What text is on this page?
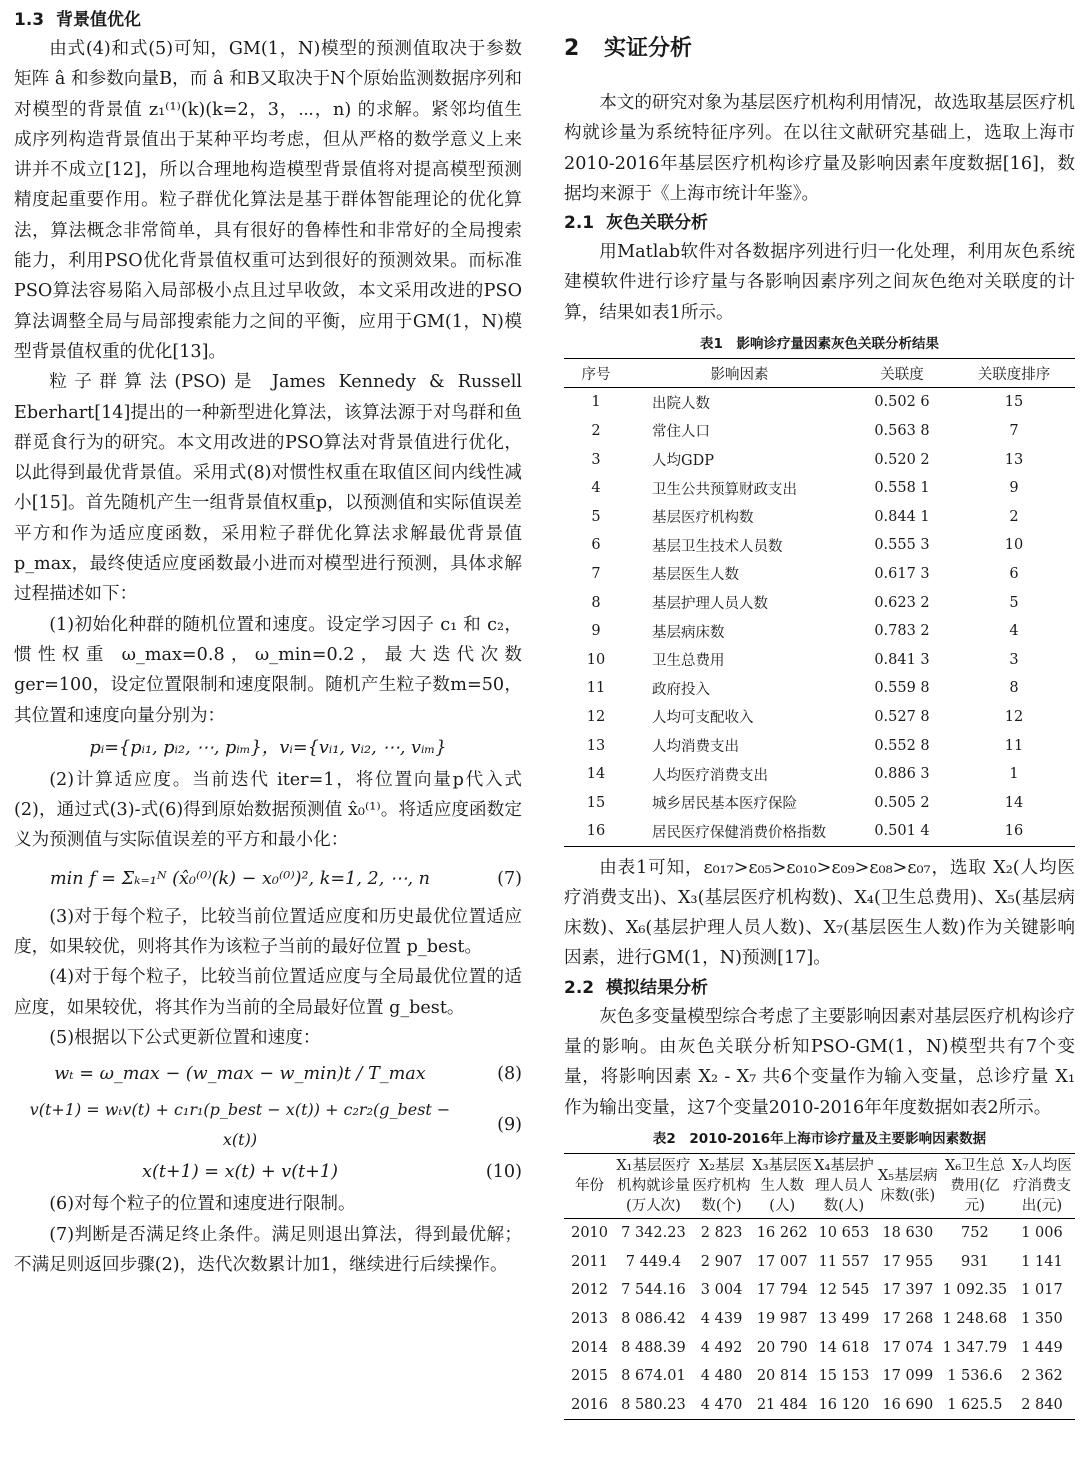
1.3 背景值优化

由式(4)和式(5)可知，GM(1，N)模型的预测值取决于参数矩阵 â 和参数向量B，而 â 和B又取决于N个原始监测数据序列和对模型的背景值 z₁⁽¹⁾(k)(k=2，3，⋯，n) 的求解。紧邻均值生成序列构造背景值出于某种平均考虑，但从严格的数学意义上来讲并不成立[12]，所以合理地构造模型背景值将对提高模型预测精度起重要作用。粒子群优化算法是基于群体智能理论的优化算法，算法概念非常简单，具有很好的鲁棒性和非常好的全局搜索能力，利用PSO优化背景值权重可达到很好的预测效果。而标准PSO算法容易陷入局部极小点且过早收敛，本文采用改进的PSO算法调整全局与局部搜索能力之间的平衡，应用于GM(1，N)模型背景值权重的优化[13]。

粒子群算法(PSO)是 James Kennedy & Russell Eberhart[14]提出的一种新型进化算法，该算法源于对鸟群和鱼群觅食行为的研究。本文用改进的PSO算法对背景值进行优化，以此得到最优背景值。采用式(8)对惯性权重在取值区间内线性减小[15]。首先随机产生一组背景值权重p，以预测值和实际值误差平方和作为适应度函数，采用粒子群优化算法求解最优背景值 p_max，最终使适应度函数最小进而对模型进行预测，具体求解过程描述如下：

(1)初始化种群的随机位置和速度。设定学习因子 c₁ 和 c₂，惯性权重 ω_max=0.8，ω_min=0.2，最大迭代次数 ger=100，设定位置限制和速度限制。随机产生粒子数m=50，其位置和速度向量分别为：

pᵢ={pᵢ₁, pᵢ₂, ⋯, pᵢₘ}，vᵢ={vᵢ₁, vᵢ₂, ⋯, vᵢₘ}

(2)计算适应度。当前迭代 iter=1，将位置向量p代入式(2)，通过式(3)-式(6)得到原始数据预测值 x̂₀⁽¹⁾。将适应度函数定义为预测值与实际值误差的平方和最小化：

min f = Σₖ₌₁ᴺ (x̂₀⁽⁰⁾(k) − x₀⁽⁰⁾)², k=1, 2, ⋯, n	(7)

(3)对于每个粒子，比较当前位置适应度和历史最优位置适应度，如果较优，则将其作为该粒子当前的最好位置 p_best。

(4)对于每个粒子，比较当前位置适应度与全局最优位置的适应度，如果较优，将其作为当前的全局最好位置 g_best。

(5)根据以下公式更新位置和速度：

wₜ = ω_max − (w_max − w_min)t / T_max	(8)
v(t+1) = wₜv(t) + c₁r₁(p_best − x(t)) + c₂r₂(g_best − x(t))
(9)
x(t+1) = x(t) + v(t+1)	(10)

(6)对每个粒子的位置和速度进行限制。

(7)判断是否满足终止条件。满足则退出算法，得到最优解；不满足则返回步骤(2)，迭代次数累计加1，继续进行后续操作。

2 实证分析

本文的研究对象为基层医疗机构利用情况，故选取基层医疗机构就诊量为系统特征序列。在以往文献研究基础上，选取上海市2010-2016年基层医疗机构诊疗量及影响因素年度数据[16]，数据均来源于《上海市统计年鉴》。

2.1 灰色关联分析

用Matlab软件对各数据序列进行归一化处理，利用灰色系统建模软件进行诊疗量与各影响因素序列之间灰色绝对关联度的计算，结果如表1所示。

表1　影响诊疗量因素灰色关联分析结果
序号	影响因素	关联度	关联度排序
1	出院人数	0.502 6	15
2	常住人口	0.563 8	7
3	人均GDP	0.520 2	13
4	卫生公共预算财政支出	0.558 1	9
5	基层医疗机构数	0.844 1	2
6	基层卫生技术人员数	0.555 3	10
7	基层医生人数	0.617 3	6
8	基层护理人员人数	0.623 2	5
9	基层病床数	0.783 2	4
10	卫生总费用	0.841 3	3
11	政府投入	0.559 8	8
12	人均可支配收入	0.527 8	12
13	人均消费支出	0.552 8	11
14	人均医疗消费支出	0.886 3	1
15	城乡居民基本医疗保险	0.505 2	14
16	居民医疗保健消费价格指数	0.501 4	16

由表1可知，ε₀₁₇>ε₀₅>ε₀₁₀>ε₀₉>ε₀₈>ε₀₇，选取 X₂(人均医疗消费支出)、X₃(基层医疗机构数)、X₄(卫生总费用)、X₅(基层病床数)、X₆(基层护理人员人数)、X₇(基层医生人数)作为关键影响因素，进行GM(1，N)预测[17]。

2.2 模拟结果分析

灰色多变量模型综合考虑了主要影响因素对基层医疗机构诊疗量的影响。由灰色关联分析知PSO-GM(1，N)模型共有7个变量，将影响因素 X₂ - X₇ 共6个变量作为输入变量，总诊疗量 X₁ 作为输出变量，这7个变量2010-2016年年度数据如表2所示。

表2　2010-2016年上海市诊疗量及主要影响因素数据
年份	X₁基层医疗机构就诊量(万人次)	X₂基层医疗机构数(个)	X₃基层医生人数(人)	X₄基层护理人员人数(人)	X₅基层病床数(张)	X₆卫生总费用(亿元)	X₇人均医疗消费支出(元)
2010	7 342.23	2 823	16 262	10 653	18 630	752	1 006
2011	7 449.4	2 907	17 007	11 557	17 955	931	1 141
2012	7 544.16	3 004	17 794	12 545	17 397	1 092.35	1 017
2013	8 086.42	4 439	19 987	13 499	17 268	1 248.68	1 350
2014	8 488.39	4 492	20 790	14 618	17 074	1 347.79	1 449
2015	8 674.01	4 480	20 814	15 153	17 099	1 536.6	2 362
2016	8 580.23	4 470	21 484	16 120	16 690	1 625.5	2 840
